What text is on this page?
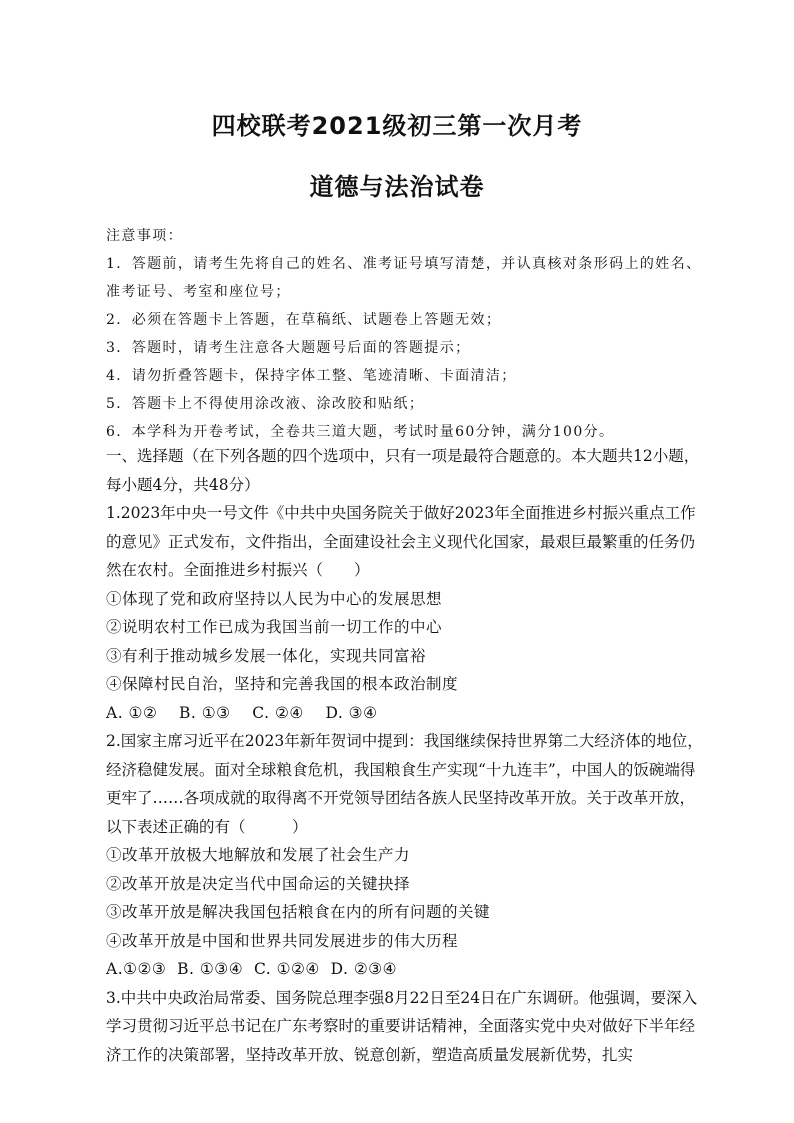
四校联考2021级初三第一次月考
道德与法治试卷

注意事项：

1．答题前，请考生先将自己的姓名、准考证号填写清楚，并认真核对条形码上的姓名、准考证号、考室和座位号；

2．必须在答题卡上答题，在草稿纸、试题卷上答题无效；

3．答题时，请考生注意各大题题号后面的答题提示；

4．请勿折叠答题卡，保持字体工整、笔迹清晰、卡面清洁；

5．答题卡上不得使用涂改液、涂改胶和贴纸；

6．本学科为开卷考试，全卷共三道大题，考试时量60分钟，满分100分。

一、选择题（在下列各题的四个选项中，只有一项是最符合题意的。本大题共12小题，每小题4分，共48分）

1.2023年中央一号文件《中共中央国务院关于做好2023年全面推进乡村振兴重点工作的意见》正式发布，文件指出，全面建设社会主义现代化国家，最艰巨最繁重的任务仍然在农村。全面推进乡村振兴（　　）

①体现了党和政府坚持以人民为中心的发展思想

②说明农村工作已成为我国当前一切工作的中心

③有利于推动城乡发展一体化，实现共同富裕

④保障村民自治，坚持和完善我国的根本政治制度

A. ①②    B. ①③    C. ②④    D. ③④

2.国家主席习近平在2023年新年贺词中提到：我国继续保持世界第二大经济体的地位，经济稳健发展。面对全球粮食危机，我国粮食生产实现“十九连丰”，中国人的饭碗端得更牢了……各项成就的取得离不开党领导团结各族人民坚持改革开放。关于改革开放，以下表述正确的有（　　　）

①改革开放极大地解放和发展了社会生产力

②改革开放是决定当代中国命运的关键抉择

③改革开放是解决我国包括粮食在内的所有问题的关键

④改革开放是中国和世界共同发展进步的伟大历程

A.①②③  B. ①③④  C. ①②④  D. ②③④

3.中共中央政治局常委、国务院总理李强8月22日至24日在广东调研。他强调，要深入学习贯彻习近平总书记在广东考察时的重要讲话精神，全面落实党中央对做好下半年经济工作的决策部署，坚持改革开放、锐意创新，塑造高质量发展新优势，扎实
